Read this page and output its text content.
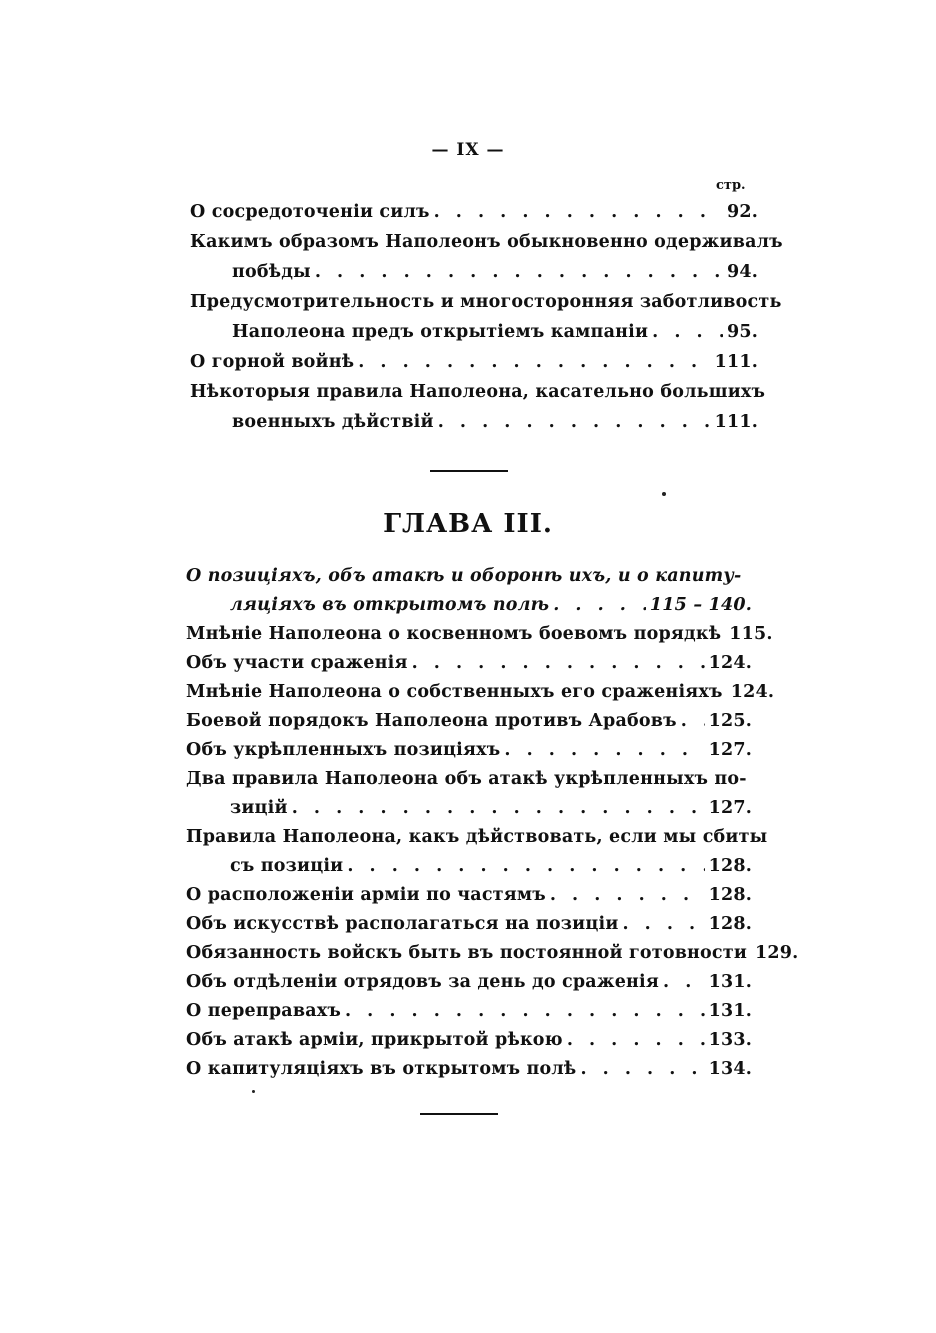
— IX —
стр.
О сосредоточеніи силъ . . .	92.
Какимъ образомъ Наполеонъ обыкновенно одерживалъ
побѣды . . .	94.
Предусмотрительность и многосторонняя заботливость
Наполеона предъ открытіемъ кампаніи . . .	95.
О горной войнѣ . . .	111.
Нѣкоторыя правила Наполеона, касательно большихъ
военныхъ дѣйствій . . .	111.
ГЛАВА III.
О позиціяхъ, объ атакѣ и оборонѣ ихъ, и о капиту-
ляціяхъ въ открытомъ полѣ . . .	115 – 140.
Мнѣніе Наполеона о косвенномъ боевомъ порядкѣ 115.
Объ участи сраженія . . .	124.
Мнѣніе Наполеона о собственныхъ его сраженіяхъ 124.
Боевой порядокъ Наполеона противъ Арабовъ . . . 125.
Объ укрѣпленныхъ позиціяхъ . . .	127.
Два правила Наполеона объ атакѣ укрѣпленныхъ по-
зицій . . .	127.
Правила Наполеона, какъ дѣйствовать, если мы сбиты
съ позиціи . . .	128.
О расположеніи арміи по частямъ . . .	128.
Объ искусствѣ располагаться на позиціи . . .	128.
Обязанность войскъ быть въ постоянной готовности 129.
Объ отдѣленіи отрядовъ за день до сраженія . . .	131.
О переправахъ . . .	131.
Объ атакѣ арміи, прикрытой рѣкою . . .	133.
О капитуляціяхъ въ открытомъ полѣ . . .	134.
